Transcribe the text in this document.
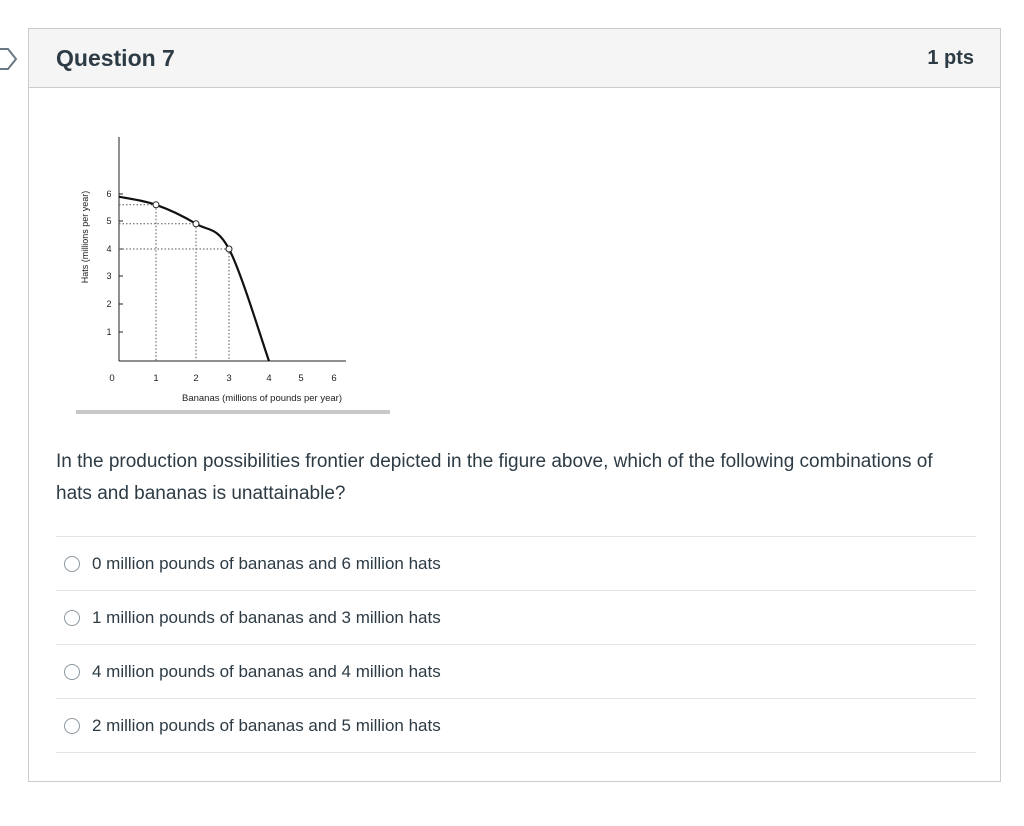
Question 7	1 pts
Hats (millions per year)
Bananas (millions of pounds per year)
1
2
3
4
5
6
0	1	2	3	4	5	6
In the production possibilities frontier depicted in the figure above, which of the following combinations of hats and bananas is unattainable?
0 million pounds of bananas and 6 million hats
1 million pounds of bananas and 3 million hats
4 million pounds of bananas and 4 million hats
2 million pounds of bananas and 5 million hats
